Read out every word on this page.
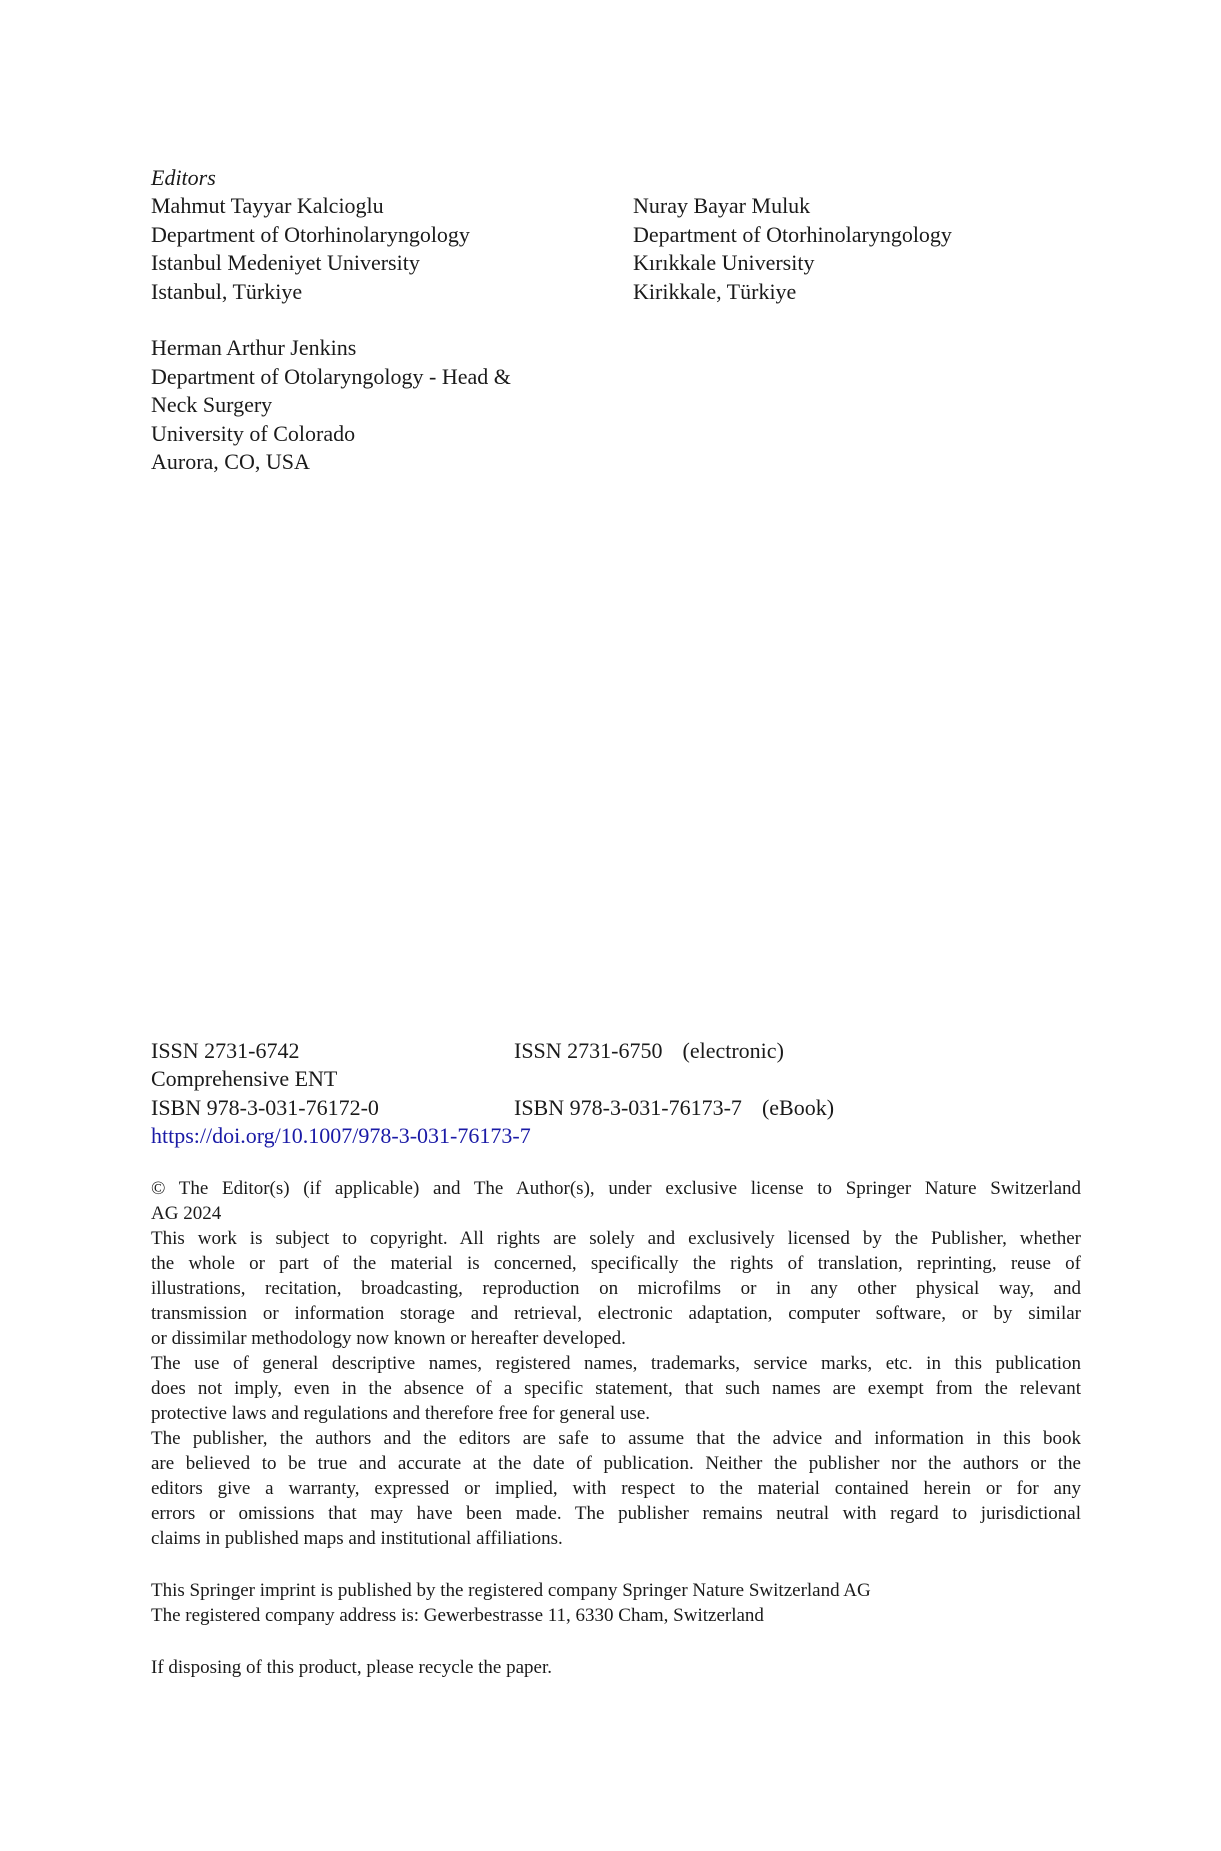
Editors
Mahmut Tayyar Kalcioglu
Department of Otorhinolaryngology
Istanbul Medeniyet University
Istanbul, Türkiye
Nuray Bayar Muluk
Department of Otorhinolaryngology
Kırıkkale University
Kirikkale, Türkiye
Herman Arthur Jenkins
Department of Otolaryngology - Head &
Neck Surgery
University of Colorado
Aurora, CO, USA
ISSN 2731-6742	ISSN 2731-6750 (electronic)
Comprehensive ENT
ISBN 978-3-031-76172-0	ISBN 978-3-031-76173-7 (eBook)
https://doi.org/10.1007/978-3-031-76173-7
© The Editor(s) (if applicable) and The Author(s), under exclusive license to Springer Nature Switzerland
AG 2024
This work is subject to copyright. All rights are solely and exclusively licensed by the Publisher, whether
the whole or part of the material is concerned, specifically the rights of translation, reprinting, reuse of
illustrations, recitation, broadcasting, reproduction on microfilms or in any other physical way, and
transmission or information storage and retrieval, electronic adaptation, computer software, or by similar
or dissimilar methodology now known or hereafter developed.
The use of general descriptive names, registered names, trademarks, service marks, etc. in this publication
does not imply, even in the absence of a specific statement, that such names are exempt from the relevant
protective laws and regulations and therefore free for general use.
The publisher, the authors and the editors are safe to assume that the advice and information in this book
are believed to be true and accurate at the date of publication. Neither the publisher nor the authors or the
editors give a warranty, expressed or implied, with respect to the material contained herein or for any
errors or omissions that may have been made. The publisher remains neutral with regard to jurisdictional
claims in published maps and institutional affiliations.
This Springer imprint is published by the registered company Springer Nature Switzerland AG
The registered company address is: Gewerbestrasse 11, 6330 Cham, Switzerland
If disposing of this product, please recycle the paper.
